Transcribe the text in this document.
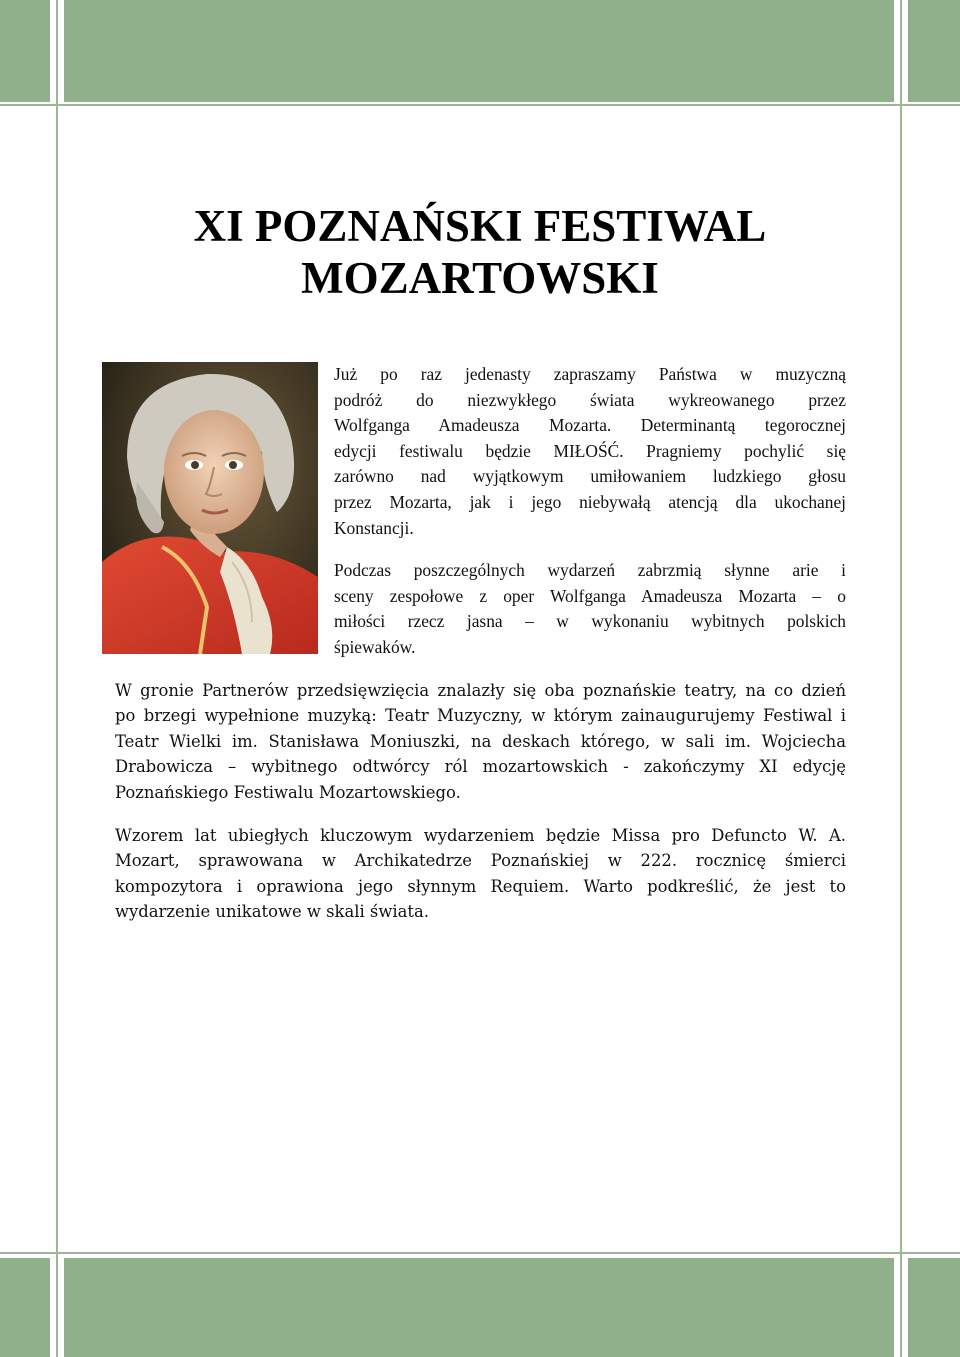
XI POZNAŃSKI FESTIWAL
MOZARTOWSKI

Już po raz jedenasty zapraszamy Państwa w muzyczną
podróż do niezwykłego świata wykreowanego przez
Wolfganga Amadeusza Mozarta. Determinantą tegorocznej
edycji festiwalu będzie MIŁOŚĆ. Pragniemy pochylić się
zarówno nad wyjątkowym umiłowaniem ludzkiego głosu
przez Mozarta, jak i jego niebywałą atencją dla ukochanej
Konstancji.

Podczas poszczególnych wydarzeń zabrzmią słynne arie i
sceny zespołowe z oper Wolfganga Amadeusza Mozarta – o
miłości rzecz jasna – w wykonaniu wybitnych polskich
śpiewaków.

W gronie Partnerów przedsięwzięcia znalazły się oba poznańskie teatry, na co dzień
po brzegi wypełnione muzyką: Teatr Muzyczny, w którym zainaugurujemy Festiwal i
Teatr Wielki im. Stanisława Moniuszki, na deskach którego, w sali im. Wojciecha
Drabowicza – wybitnego odtwórcy ról mozartowskich - zakończymy XI edycję
Poznańskiego Festiwalu Mozartowskiego.

Wzorem lat ubiegłych kluczowym wydarzeniem będzie Missa pro Defuncto W. A.
Mozart, sprawowana w Archikatedrze Poznańskiej w 222. rocznicę śmierci
kompozytora i oprawiona jego słynnym Requiem. Warto podkreślić, że jest to
wydarzenie unikatowe w skali świata.
